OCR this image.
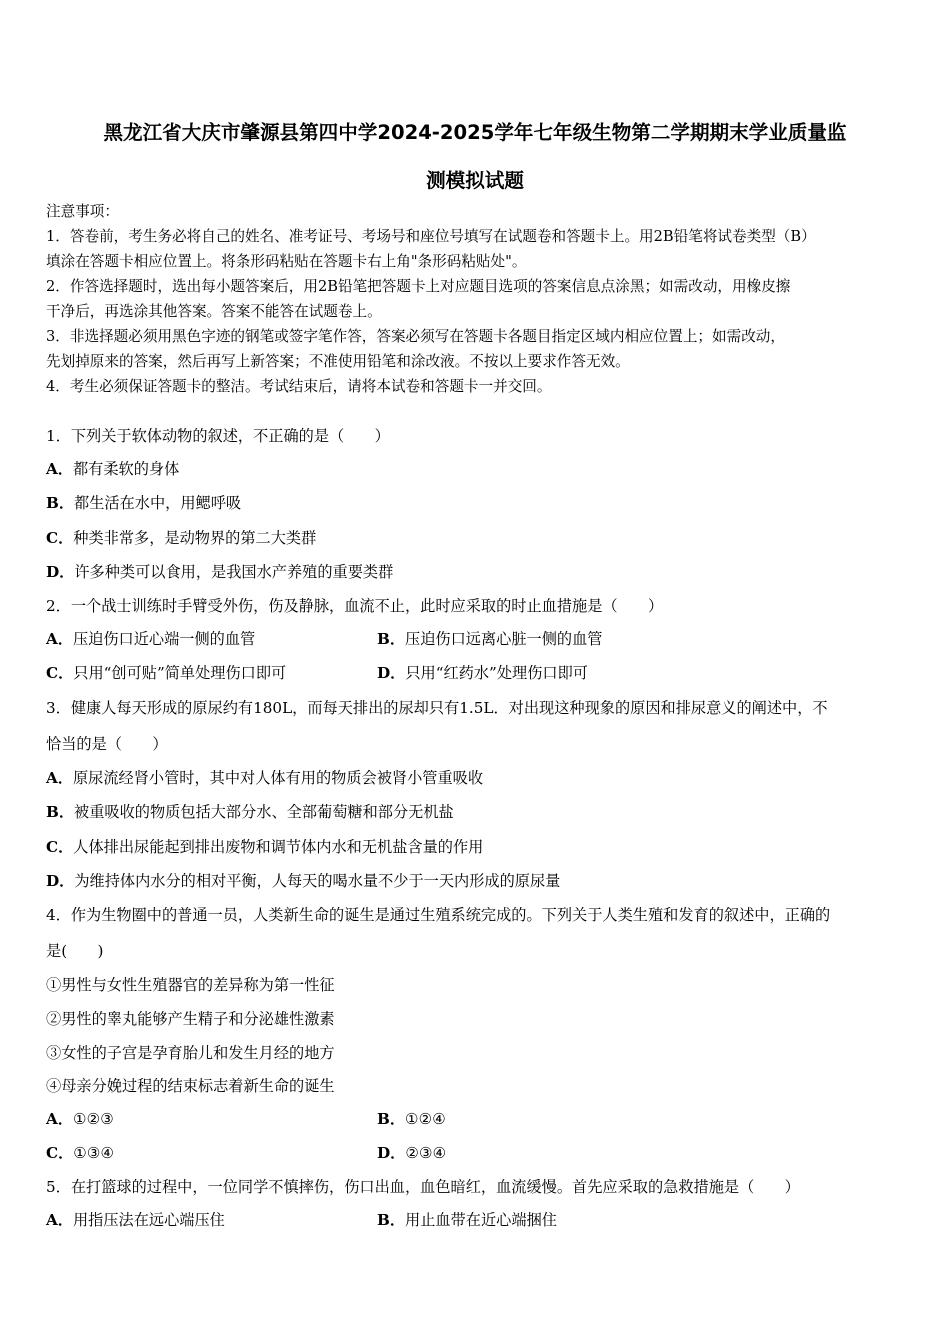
黑龙江省大庆市肇源县第四中学2024-2025学年七年级生物第二学期期末学业质量监
测模拟试题
注意事项：
1．答卷前，考生务必将自己的姓名、准考证号、考场号和座位号填写在试题卷和答题卡上。用2B铅笔将试卷类型（B）
填涂在答题卡相应位置上。将条形码粘贴在答题卡右上角"条形码粘贴处"。
2．作答选择题时，选出每小题答案后，用2B铅笔把答题卡上对应题目选项的答案信息点涂黑；如需改动，用橡皮擦
干净后，再选涂其他答案。答案不能答在试题卷上。
3．非选择题必须用黑色字迹的钢笔或签字笔作答，答案必须写在答题卡各题目指定区域内相应位置上；如需改动，
先划掉原来的答案，然后再写上新答案；不准使用铅笔和涂改液。不按以上要求作答无效。
4．考生必须保证答题卡的整洁。考试结束后，请将本试卷和答题卡一并交回。
1．下列关于软体动物的叙述，不正确的是（　　）
A．都有柔软的身体
B．都生活在水中，用鳃呼吸
C．种类非常多，是动物界的第二大类群
D．许多种类可以食用，是我国水产养殖的重要类群
2．一个战士训练时手臂受外伤，伤及静脉，血流不止，此时应采取的时止血措施是（　　）
A．压迫伤口近心端一侧的血管	B．压迫伤口远离心脏一侧的血管
C．只用“创可贴”简单处理伤口即可	D．只用“红药水”处理伤口即可
3．健康人每天形成的原尿约有180L，而每天排出的尿却只有1.5L．对出现这种现象的原因和排尿意义的阐述中，不
恰当的是（　　）
A．原尿流经肾小管时，其中对人体有用的物质会被肾小管重吸收
B．被重吸收的物质包括大部分水、全部葡萄糖和部分无机盐
C．人体排出尿能起到排出废物和调节体内水和无机盐含量的作用
D．为维持体内水分的相对平衡，人每天的喝水量不少于一天内形成的原尿量
4．作为生物圈中的普通一员，人类新生命的诞生是通过生殖系统完成的。下列关于人类生殖和发育的叙述中，正确的
是(　　)
①男性与女性生殖器官的差异称为第一性征
②男性的睾丸能够产生精子和分泌雄性激素
③女性的子宫是孕育胎儿和发生月经的地方
④母亲分娩过程的结束标志着新生命的诞生
A．①②③	B．①②④
C．①③④	D．②③④
5．在打篮球的过程中，一位同学不慎摔伤，伤口出血，血色暗红，血流缓慢。首先应采取的急救措施是（　　）
A．用指压法在远心端压住	B．用止血带在近心端捆住
